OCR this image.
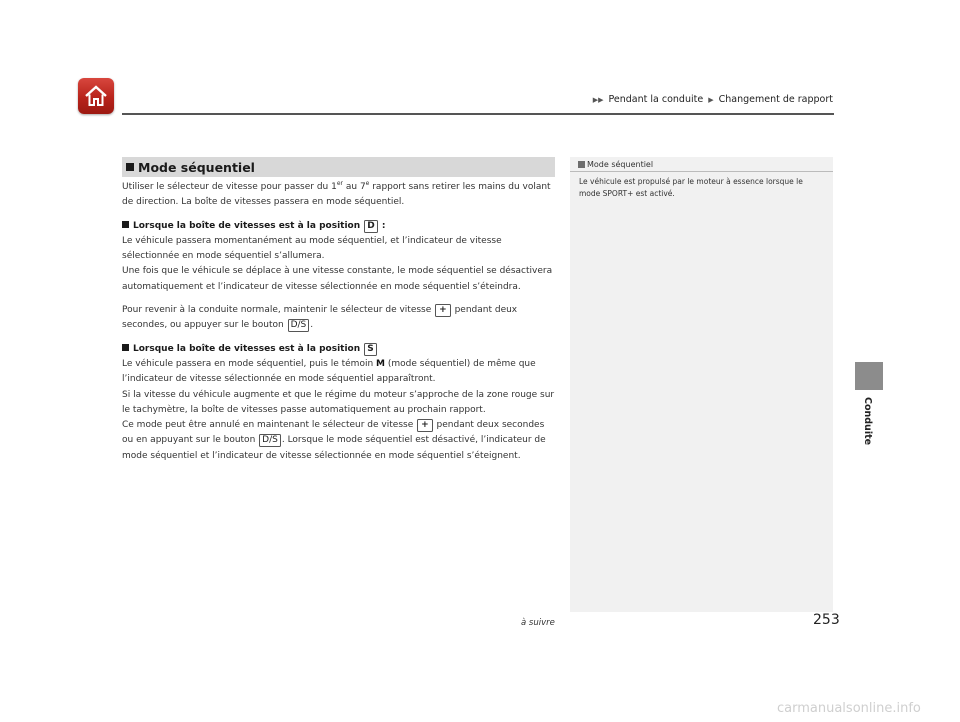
▶▶ Pendant la conduite ▶ Changement de rapport
Conduite
Mode séquentiel

Utiliser le sélecteur de vitesse pour passer du 1er au 7e rapport sans retirer les mains du volant de direction. La boîte de vitesses passera en mode séquentiel.

Lorsque la boîte de vitesses est à la position D :

Le véhicule passera momentanément au mode séquentiel, et l’indicateur de vitesse sélectionnée en mode séquentiel s’allumera.

Une fois que le véhicule se déplace à une vitesse constante, le mode séquentiel se désactivera automatiquement et l’indicateur de vitesse sélectionnée en mode séquentiel s’éteindra.

Pour revenir à la conduite normale, maintenir le sélecteur de vitesse + pendant deux secondes, ou appuyer sur le bouton D/S .

Lorsque la boîte de vitesses est à la position S

Le véhicule passera en mode séquentiel, puis le témoin M (mode séquentiel) de même que l’indicateur de vitesse sélectionnée en mode séquentiel apparaîtront.

Si la vitesse du véhicule augmente et que le régime du moteur s’approche de la zone rouge sur le tachymètre, la boîte de vitesses passe automatiquement au prochain rapport.

Ce mode peut être annulé en maintenant le sélecteur de vitesse + pendant deux secondes ou en appuyant sur le bouton D/S . Lorsque le mode séquentiel est désactivé, l’indicateur de mode séquentiel et l’indicateur de vitesse sélectionnée en mode séquentiel s’éteignent.

Mode séquentiel
Le véhicule est propulsé par le moteur à essence lorsque le mode SPORT+ est activé.
à suivre	253
carmanualsonline.info
